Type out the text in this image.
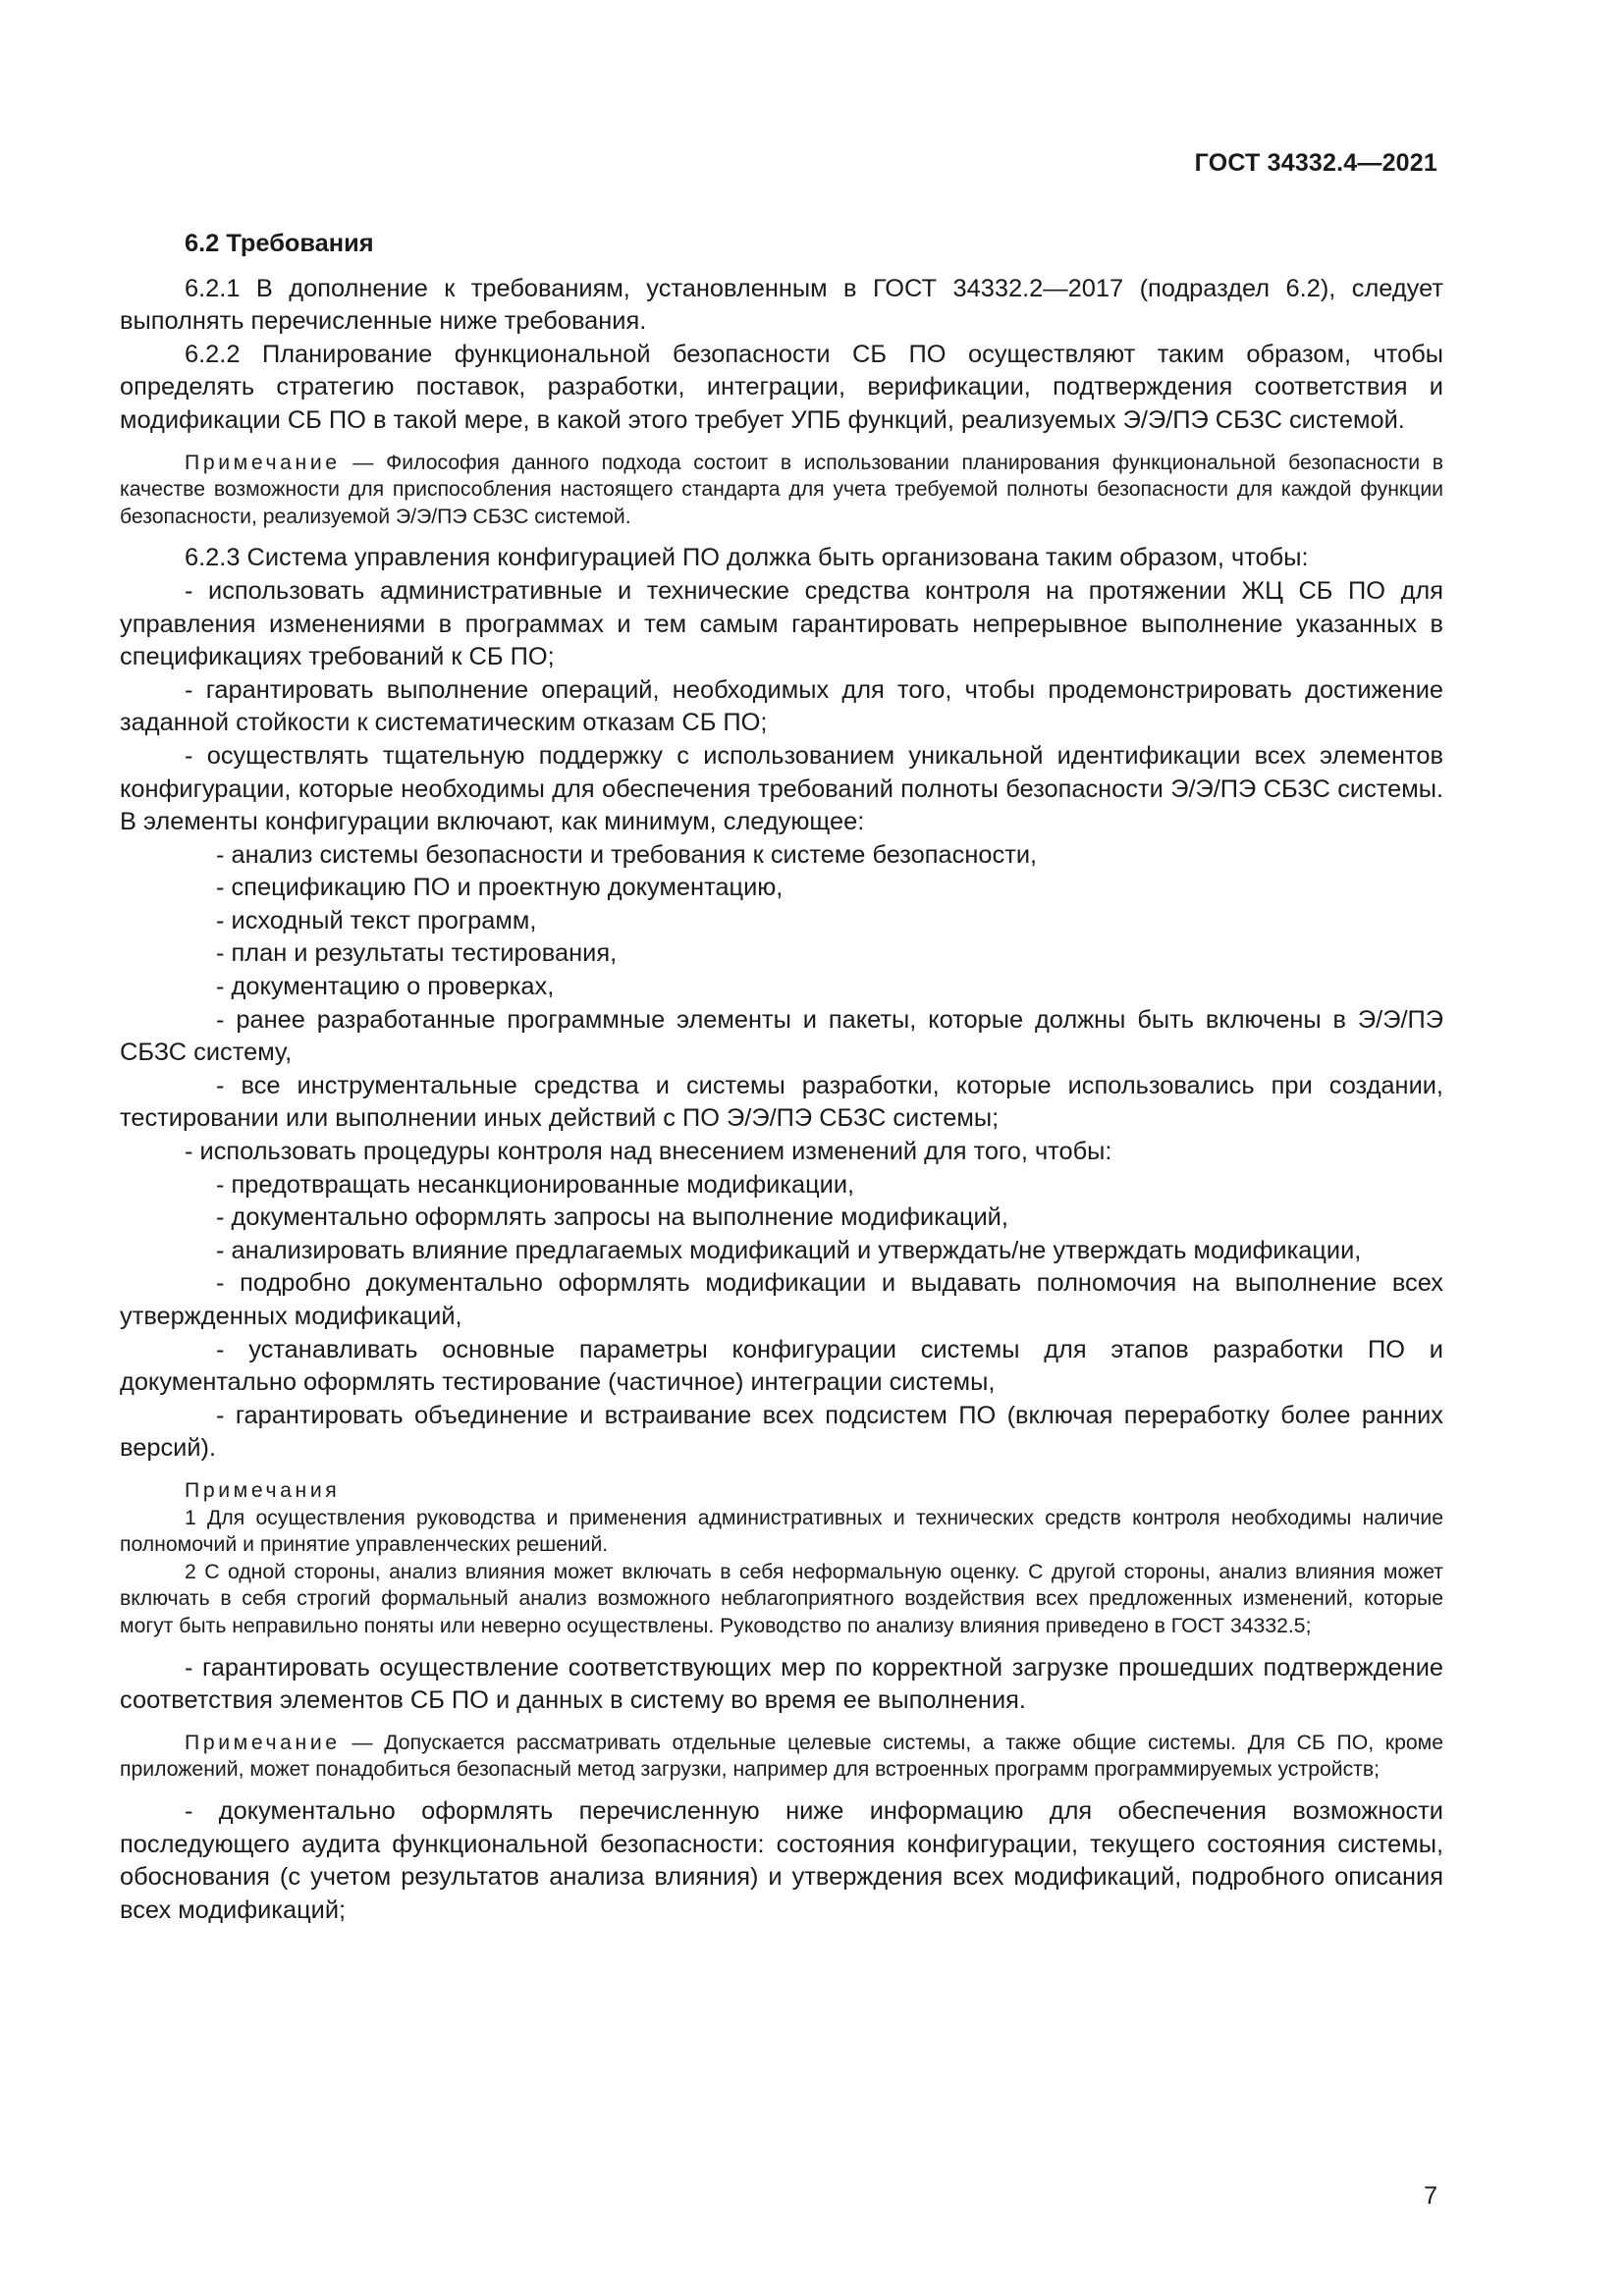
ГОСТ 34332.4—2021
6.2 Требования

6.2.1 В дополнение к требованиям, установленным в ГОСТ 34332.2—2017 (подраздел 6.2), следует выполнять перечисленные ниже требования.

6.2.2 Планирование функциональной безопасности СБ ПО осуществляют таким образом, чтобы определять стратегию поставок, разработки, интеграции, верификации, подтверждения соответствия и модификации СБ ПО в такой мере, в какой этого требует УПБ функций, реализуемых Э/Э/ПЭ СБЗС системой.

Примечание — Философия данного подхода состоит в использовании планирования функциональной безопасности в качестве возможности для приспособления настоящего стандарта для учета требуемой полноты безопасности для каждой функции безопасности, реализуемой Э/Э/ПЭ СБЗС системой.

6.2.3 Система управления конфигурацией ПО должка быть организована таким образом, чтобы:

- использовать административные и технические средства контроля на протяжении ЖЦ СБ ПО для управления изменениями в программах и тем самым гарантировать непрерывное выполнение указанных в спецификациях требований к СБ ПО;

- гарантировать выполнение операций, необходимых для того, чтобы продемонстрировать достижение заданной стойкости к систематическим отказам СБ ПО;

- осуществлять тщательную поддержку с использованием уникальной идентификации всех элементов конфигурации, которые необходимы для обеспечения требований полноты безопасности Э/Э/ПЭ СБЗС системы. В элементы конфигурации включают, как минимум, следующее:

- анализ системы безопасности и требования к системе безопасности,

- спецификацию ПО и проектную документацию,

- исходный текст программ,

- план и результаты тестирования,

- документацию о проверках,

- ранее разработанные программные элементы и пакеты, которые должны быть включены в Э/Э/ПЭ СБЗС систему,

- все инструментальные средства и системы разработки, которые использовались при создании, тестировании или выполнении иных действий с ПО Э/Э/ПЭ СБЗС системы;

- использовать процедуры контроля над внесением изменений для того, чтобы:

- предотвращать несанкционированные модификации,

- документально оформлять запросы на выполнение модификаций,

- анализировать влияние предлагаемых модификаций и утверждать/не утверждать модификации,

- подробно документально оформлять модификации и выдавать полномочия на выполнение всех утвержденных модификаций,

- устанавливать основные параметры конфигурации системы для этапов разработки ПО и документально оформлять тестирование (частичное) интеграции системы,

- гарантировать объединение и встраивание всех подсистем ПО (включая переработку более ранних версий).

Примечания

1 Для осуществления руководства и применения административных и технических средств контроля необходимы наличие полномочий и принятие управленческих решений.

2 С одной стороны, анализ влияния может включать в себя неформальную оценку. С другой стороны, анализ влияния может включать в себя строгий формальный анализ возможного неблагоприятного воздействия всех предложенных изменений, которые могут быть неправильно поняты или неверно осуществлены. Руководство по анализу влияния приведено в ГОСТ 34332.5;

- гарантировать осуществление соответствующих мер по корректной загрузке прошедших подтверждение соответствия элементов СБ ПО и данных в систему во время ее выполнения.

Примечание — Допускается рассматривать отдельные целевые системы, а также общие системы. Для СБ ПО, кроме приложений, может понадобиться безопасный метод загрузки, например для встроенных программ программируемых устройств;

- документально оформлять перечисленную ниже информацию для обеспечения возможности последующего аудита функциональной безопасности: состояния конфигурации, текущего состояния системы, обоснования (с учетом результатов анализа влияния) и утверждения всех модификаций, подробного описания всех модификаций;

7
